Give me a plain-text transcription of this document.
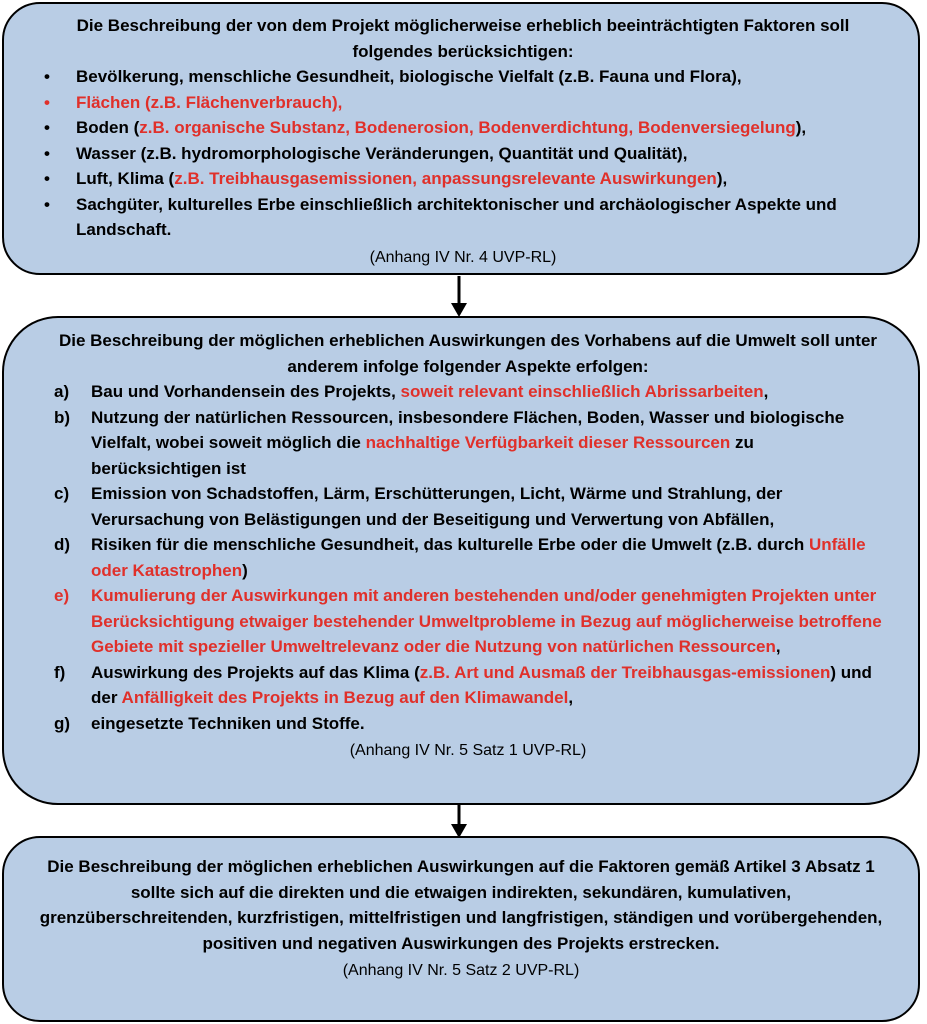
Die Beschreibung der von dem Projekt möglicherweise erheblich beeinträchtigten Faktoren soll folgendes berücksichtigen:
• Bevölkerung, menschliche Gesundheit, biologische Vielfalt (z.B. Fauna und Flora),
• Flächen (z.B. Flächenverbrauch),
• Boden (z.B. organische Substanz, Bodenerosion, Bodenverdichtung, Bodenversiegelung),
• Wasser (z.B. hydromorphologische Veränderungen, Quantität und Qualität),
• Luft, Klima (z.B. Treibhausgasemissionen, anpassungsrelevante Auswirkungen),
• Sachgüter, kulturelles Erbe einschließlich architektonischer und archäologischer Aspekte und Landschaft.
(Anhang IV Nr. 4 UVP-RL)
Die Beschreibung der möglichen erheblichen Auswirkungen des Vorhabens auf die Umwelt soll unter anderem infolge folgender Aspekte erfolgen:
a) Bau und Vorhandensein des Projekts, soweit relevant einschließlich Abrissarbeiten,
b) Nutzung der natürlichen Ressourcen, insbesondere Flächen, Boden, Wasser und biologische Vielfalt, wobei soweit möglich die nachhaltige Verfügbarkeit dieser Ressourcen zu berücksichtigen ist
c) Emission von Schadstoffen, Lärm, Erschütterungen, Licht, Wärme und Strahlung, der Verursachung von Belästigungen und der Beseitigung und Verwertung von Abfällen,
d) Risiken für die menschliche Gesundheit, das kulturelle Erbe oder die Umwelt (z.B. durch Unfälle oder Katastrophen)
e) Kumulierung der Auswirkungen mit anderen bestehenden und/oder genehmigten Projekten unter Berücksichtigung etwaiger bestehender Umweltprobleme in Bezug auf möglicherweise betroffene Gebiete mit spezieller Umweltrelevanz oder die Nutzung von natürlichen Ressourcen,
f) Auswirkung des Projekts auf das Klima (z.B. Art und Ausmaß der Treibhausgas-emissionen) und der Anfälligkeit des Projekts in Bezug auf den Klimawandel,
g) eingesetzte Techniken und Stoffe.
(Anhang IV Nr. 5 Satz 1 UVP-RL)
Die Beschreibung der möglichen erheblichen Auswirkungen auf die Faktoren gemäß Artikel 3 Absatz 1 sollte sich auf die direkten und die etwaigen indirekten, sekundären, kumulativen, grenzüberschreitenden, kurzfristigen, mittelfristigen und langfristigen, ständigen und vorübergehenden, positiven und negativen Auswirkungen des Projekts erstrecken.
(Anhang IV Nr. 5 Satz 2 UVP-RL)
